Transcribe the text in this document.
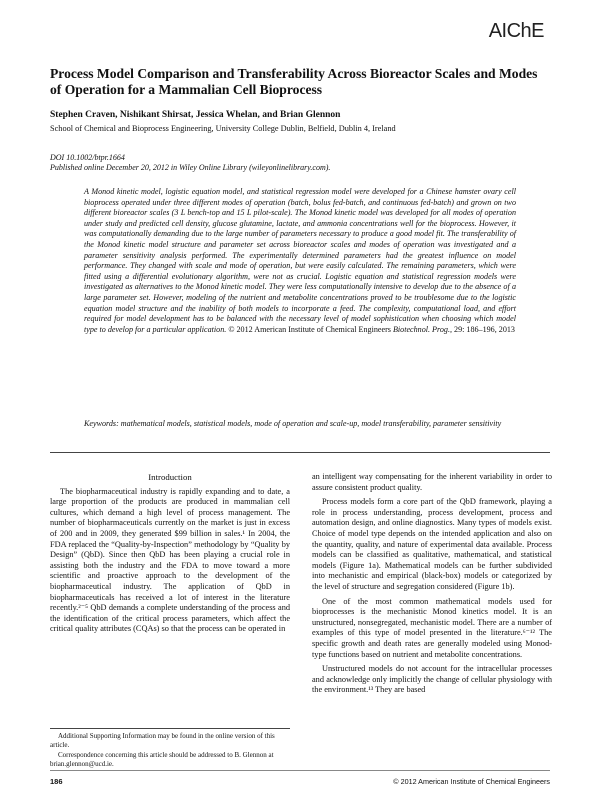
AIChE
Process Model Comparison and Transferability Across Bioreactor Scales and Modes of Operation for a Mammalian Cell Bioprocess

Stephen Craven, Nishikant Shirsat, Jessica Whelan, and Brian Glennon

School of Chemical and Bioprocess Engineering, University College Dublin, Belfield, Dublin 4, Ireland

DOI 10.1002/btpr.1664
Published online December 20, 2012 in Wiley Online Library (wileyonlinelibrary.com).

A Monod kinetic model, logistic equation model, and statistical regression model were developed for a Chinese hamster ovary cell bioprocess operated under three different modes of operation (batch, bolus fed-batch, and continuous fed-batch) and grown on two different bioreactor scales (3 L bench-top and 15 L pilot-scale). The Monod kinetic model was developed for all modes of operation under study and predicted cell density, glucose glutamine, lactate, and ammonia concentrations well for the bioprocess. However, it was computationally demanding due to the large number of parameters necessary to produce a good model fit. The transferability of the Monod kinetic model structure and parameter set across bioreactor scales and modes of operation was investigated and a parameter sensitivity analysis performed. The experimentally determined parameters had the greatest influence on model performance. They changed with scale and mode of operation, but were easily calculated. The remaining parameters, which were fitted using a differential evolutionary algorithm, were not as crucial. Logistic equation and statistical regression models were investigated as alternatives to the Monod kinetic model. They were less computationally intensive to develop due to the absence of a large parameter set. However, modeling of the nutrient and metabolite concentrations proved to be troublesome due to the logistic equation model structure and the inability of both models to incorporate a feed. The complexity, computational load, and effort required for model development has to be balanced with the necessary level of model sophistication when choosing which model type to develop for a particular application. © 2012 American Institute of Chemical Engineers Biotechnol. Prog., 29: 186–196, 2013

Keywords: mathematical models, statistical models, mode of operation and scale-up, model transferability, parameter sensitivity

Introduction

The biopharmaceutical industry is rapidly expanding and to date, a large proportion of the products are produced in mammalian cell cultures, which demand a high level of process management. The number of biopharmaceuticals currently on the market is just in excess of 200 and in 2009, they generated $99 billion in sales.¹ In 2004, the FDA replaced the “Quality-by-Inspection” methodology by “Quality by Design” (QbD). Since then QbD has been playing a crucial role in assisting both the industry and the FDA to move toward a more scientific and proactive approach to the development of the biopharmaceutical industry. The application of QbD in biopharmaceuticals has received a lot of interest in the literature recently.²⁻⁵ QbD demands a complete understanding of the process and the identification of the critical process parameters, which affect the critical quality attributes (CQAs) so that the process can be operated in

an intelligent way compensating for the inherent variability in order to assure consistent product quality.

Process models form a core part of the QbD framework, playing a role in process understanding, process development, process and automation design, and online diagnostics. Many types of models exist. Choice of model type depends on the intended application and also on the quantity, quality, and nature of experimental data available. Process models can be classified as qualitative, mathematical, and statistical models (Figure 1a). Mathematical models can be further subdivided into mechanistic and empirical (black-box) models or categorized by the level of structure and segregation considered (Figure 1b).

One of the most common mathematical models used for bioprocesses is the mechanistic Monod kinetics model. It is an unstructured, nonsegregated, mechanistic model. There are a number of examples of this type of model presented in the literature.⁶⁻¹² The specific growth and death rates are generally modeled using Monod-type functions based on nutrient and metabolite concentrations.

Unstructured models do not account for the intracellular processes and acknowledge only implicitly the change of cellular physiology with the environment.¹³ They are based

Additional Supporting Information may be found in the online version of this article.

Correspondence concerning this article should be addressed to B. Glennon at brian.glennon@ucd.ie.

186	© 2012 American Institute of Chemical Engineers
